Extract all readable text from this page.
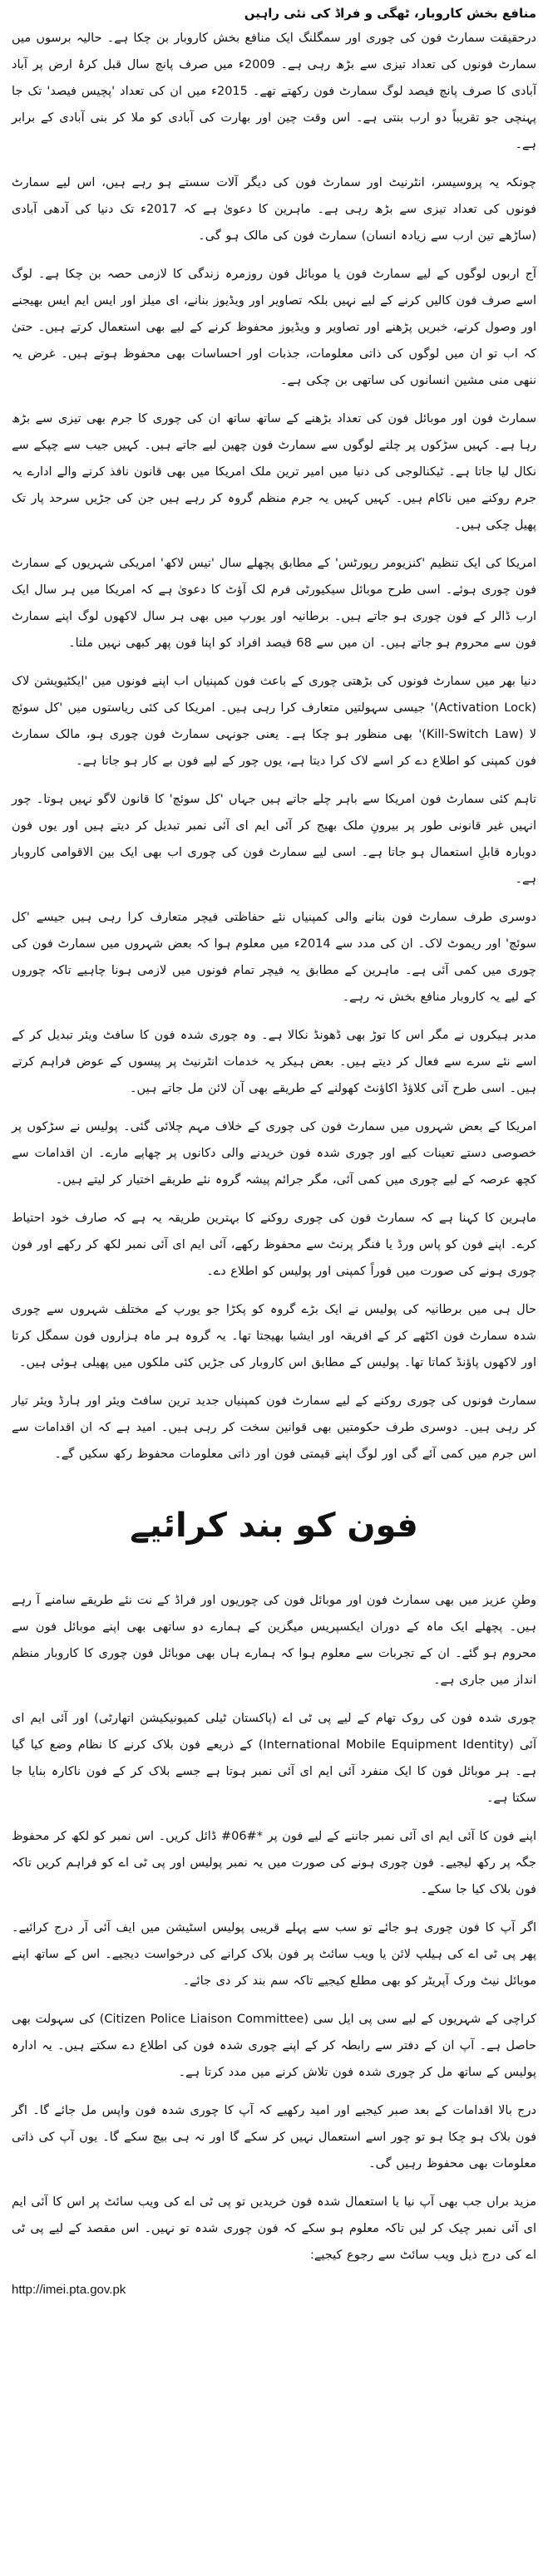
منافع بخش کاروبار، ٹھگی و فراڈ کی نئی راہیں

درحقیقت سمارٹ فون کی چوری اور سمگلنگ ایک منافع بخش کاروبار بن چکا ہے۔ حالیہ برسوں میں سمارٹ فونوں کی تعداد تیزی سے بڑھ رہی ہے۔ 2009ء میں صرف پانچ سال قبل کرۂ ارض پر آباد آبادی کا صرف پانچ فیصد لوگ سمارٹ فون رکھتے تھے۔ 2015ء میں ان کی تعداد 'پچیس فیصد' تک جا پہنچی جو تقریباً دو ارب بنتی ہے۔ اس وقت چین اور بھارت کی آبادی کو ملا کر بنی آبادی کے برابر ہے۔

چونکہ یہ پروسیسر، انٹرنیٹ اور سمارٹ فون کی دیگر آلات سستے ہو رہے ہیں، اس لیے سمارٹ فونوں کی تعداد تیزی سے بڑھ رہی ہے۔ ماہرین کا دعویٰ ہے کہ 2017ء تک دنیا کی آدھی آبادی (ساڑھے تین ارب سے زیادہ انسان) سمارٹ فون کی مالک ہو گی۔

آج اربوں لوگوں کے لیے سمارٹ فون یا موبائل فون روزمرہ زندگی کا لازمی حصہ بن چکا ہے۔ لوگ اسے صرف فون کالیں کرنے کے لیے نہیں بلکہ تصاویر اور ویڈیوز بنانے، ای میلز اور ایس ایم ایس بھیجنے اور وصول کرنے، خبریں پڑھنے اور تصاویر و ویڈیوز محفوظ کرنے کے لیے بھی استعمال کرتے ہیں۔ حتیٰ کہ اب تو ان میں لوگوں کی ذاتی معلومات، جذبات اور احساسات بھی محفوظ ہوتے ہیں۔ غرض یہ ننھی منی مشین انسانوں کی ساتھی بن چکی ہے۔

سمارٹ فون اور موبائل فون کی تعداد بڑھنے کے ساتھ ساتھ ان کی چوری کا جرم بھی تیزی سے بڑھ رہا ہے۔ کہیں سڑکوں پر چلتے لوگوں سے سمارٹ فون چھین لیے جاتے ہیں۔ کہیں جیب سے چپکے سے نکال لیا جاتا ہے۔ ٹیکنالوجی کی دنیا میں امیر ترین ملک امریکا میں بھی قانون نافذ کرنے والے ادارے یہ جرم روکنے میں ناکام ہیں۔ کہیں کہیں یہ جرم منظم گروہ کر رہے ہیں جن کی جڑیں سرحد پار تک پھیل چکی ہیں۔

امریکا کی ایک تنظیم 'کنزیومر رپورٹس' کے مطابق پچھلے سال 'تیس لاکھ' امریکی شہریوں کے سمارٹ فون چوری ہوئے۔ اسی طرح موبائل سیکیورٹی فرم لک آؤٹ کا دعویٰ ہے کہ امریکا میں ہر سال ایک ارب ڈالر کے فون چوری ہو جاتے ہیں۔ برطانیہ اور یورپ میں بھی ہر سال لاکھوں لوگ اپنے سمارٹ فون سے محروم ہو جاتے ہیں۔ ان میں سے 68 فیصد افراد کو اپنا فون پھر کبھی نہیں ملتا۔

دنیا بھر میں سمارٹ فونوں کی بڑھتی چوری کے باعث فون کمپنیاں اب اپنے فونوں میں 'ایکٹیویشن لاک (Activation Lock)' جیسی سہولتیں متعارف کرا رہی ہیں۔ امریکا کی کئی ریاستوں میں 'کل سوئچ لا (Kill-Switch Law)' بھی منظور ہو چکا ہے۔ یعنی جونہی سمارٹ فون چوری ہو، مالک سمارٹ فون کمپنی کو اطلاع دے کر اسے لاک کرا دیتا ہے، یوں چور کے لیے فون بے کار ہو جاتا ہے۔

تاہم کئی سمارٹ فون امریکا سے باہر چلے جاتے ہیں جہاں 'کل سوئچ' کا قانون لاگو نہیں ہوتا۔ چور انہیں غیر قانونی طور پر بیرونِ ملک بھیج کر آئی ایم ای آئی نمبر تبدیل کر دیتے ہیں اور یوں فون دوبارہ قابلِ استعمال ہو جاتا ہے۔ اسی لیے سمارٹ فون کی چوری اب بھی ایک بین الاقوامی کاروبار ہے۔

دوسری طرف سمارٹ فون بنانے والی کمپنیاں نئے حفاظتی فیچر متعارف کرا رہی ہیں جیسے 'کل سوئچ' اور ریموٹ لاک۔ ان کی مدد سے 2014ء میں معلوم ہوا کہ بعض شہروں میں سمارٹ فون کی چوری میں کمی آئی ہے۔ ماہرین کے مطابق یہ فیچر تمام فونوں میں لازمی ہونا چاہیے تاکہ چوروں کے لیے یہ کاروبار منافع بخش نہ رہے۔

مدبر ہیکروں نے مگر اس کا توڑ بھی ڈھونڈ نکالا ہے۔ وہ چوری شدہ فون کا سافٹ ویئر تبدیل کر کے اسے نئے سرے سے فعال کر دیتے ہیں۔ بعض ہیکر یہ خدمات انٹرنیٹ پر پیسوں کے عوض فراہم کرتے ہیں۔ اسی طرح آئی کلاؤڈ اکاؤنٹ کھولنے کے طریقے بھی آن لائن مل جاتے ہیں۔

امریکا کے بعض شہروں میں سمارٹ فون کی چوری کے خلاف مہم چلائی گئی۔ پولیس نے سڑکوں پر خصوصی دستے تعینات کیے اور چوری شدہ فون خریدنے والی دکانوں پر چھاپے مارے۔ ان اقدامات سے کچھ عرصہ کے لیے چوری میں کمی آئی، مگر جرائم پیشہ گروہ نئے طریقے اختیار کر لیتے ہیں۔

ماہرین کا کہنا ہے کہ سمارٹ فون کی چوری روکنے کا بہترین طریقہ یہ ہے کہ صارف خود احتیاط کرے۔ اپنے فون کو پاس ورڈ یا فنگر پرنٹ سے محفوظ رکھے، آئی ایم ای آئی نمبر لکھ کر رکھے اور فون چوری ہونے کی صورت میں فوراً کمپنی اور پولیس کو اطلاع دے۔

حال ہی میں برطانیہ کی پولیس نے ایک بڑے گروہ کو پکڑا جو یورپ کے مختلف شہروں سے چوری شدہ سمارٹ فون اکٹھے کر کے افریقہ اور ایشیا بھیجتا تھا۔ یہ گروہ ہر ماہ ہزاروں فون سمگل کرتا اور لاکھوں پاؤنڈ کماتا تھا۔ پولیس کے مطابق اس کاروبار کی جڑیں کئی ملکوں میں پھیلی ہوئی ہیں۔

سمارٹ فونوں کی چوری روکنے کے لیے سمارٹ فون کمپنیاں جدید ترین سافٹ ویئر اور ہارڈ ویئر تیار کر رہی ہیں۔ دوسری طرف حکومتیں بھی قوانین سخت کر رہی ہیں۔ امید ہے کہ ان اقدامات سے اس جرم میں کمی آئے گی اور لوگ اپنے قیمتی فون اور ذاتی معلومات محفوظ رکھ سکیں گے۔

فون کو بند کرائیے

وطنِ عزیز میں بھی سمارٹ فون اور موبائل فون کی چوریوں اور فراڈ کے نت نئے طریقے سامنے آ رہے ہیں۔ پچھلے ایک ماہ کے دوران ایکسپریس میگزین کے ہمارے دو ساتھی بھی اپنے موبائل فون سے محروم ہو گئے۔ ان کے تجربات سے معلوم ہوا کہ ہمارے ہاں بھی موبائل فون چوری کا کاروبار منظم انداز میں جاری ہے۔

چوری شدہ فون کی روک تھام کے لیے پی ٹی اے (پاکستان ٹیلی کمیونیکیشن اتھارٹی) اور آئی ایم ای آئی (International Mobile Equipment Identity) کے ذریعے فون بلاک کرنے کا نظام وضع کیا گیا ہے۔ ہر موبائل فون کا ایک منفرد آئی ایم ای آئی نمبر ہوتا ہے جسے بلاک کر کے فون ناکارہ بنایا جا سکتا ہے۔

اپنے فون کا آئی ایم ای آئی نمبر جاننے کے لیے فون پر *#06# ڈائل کریں۔ اس نمبر کو لکھ کر محفوظ جگہ پر رکھ لیجیے۔ فون چوری ہونے کی صورت میں یہ نمبر پولیس اور پی ٹی اے کو فراہم کریں تاکہ فون بلاک کیا جا سکے۔

اگر آپ کا فون چوری ہو جائے تو سب سے پہلے قریبی پولیس اسٹیشن میں ایف آئی آر درج کرائیے۔ پھر پی ٹی اے کی ہیلپ لائن یا ویب سائٹ پر فون بلاک کرانے کی درخواست دیجیے۔ اس کے ساتھ اپنے موبائل نیٹ ورک آپریٹر کو بھی مطلع کیجیے تاکہ سم بند کر دی جائے۔

کراچی کے شہریوں کے لیے سی پی ایل سی (Citizen Police Liaison Committee) کی سہولت بھی حاصل ہے۔ آپ ان کے دفتر سے رابطہ کر کے اپنے چوری شدہ فون کی اطلاع دے سکتے ہیں۔ یہ ادارہ پولیس کے ساتھ مل کر چوری شدہ فون تلاش کرنے میں مدد کرتا ہے۔

درج بالا اقدامات کے بعد صبر کیجیے اور امید رکھیے کہ آپ کا چوری شدہ فون واپس مل جائے گا۔ اگر فون بلاک ہو چکا ہو تو چور اسے استعمال نہیں کر سکے گا اور نہ ہی بیچ سکے گا۔ یوں آپ کی ذاتی معلومات بھی محفوظ رہیں گی۔

مزید براں جب بھی آپ نیا یا استعمال شدہ فون خریدیں تو پی ٹی اے کی ویب سائٹ پر اس کا آئی ایم ای آئی نمبر چیک کر لیں تاکہ معلوم ہو سکے کہ فون چوری شدہ تو نہیں۔ اس مقصد کے لیے پی ٹی اے کی درج ذیل ویب سائٹ سے رجوع کیجیے:

http://imei.pta.gov.pk
